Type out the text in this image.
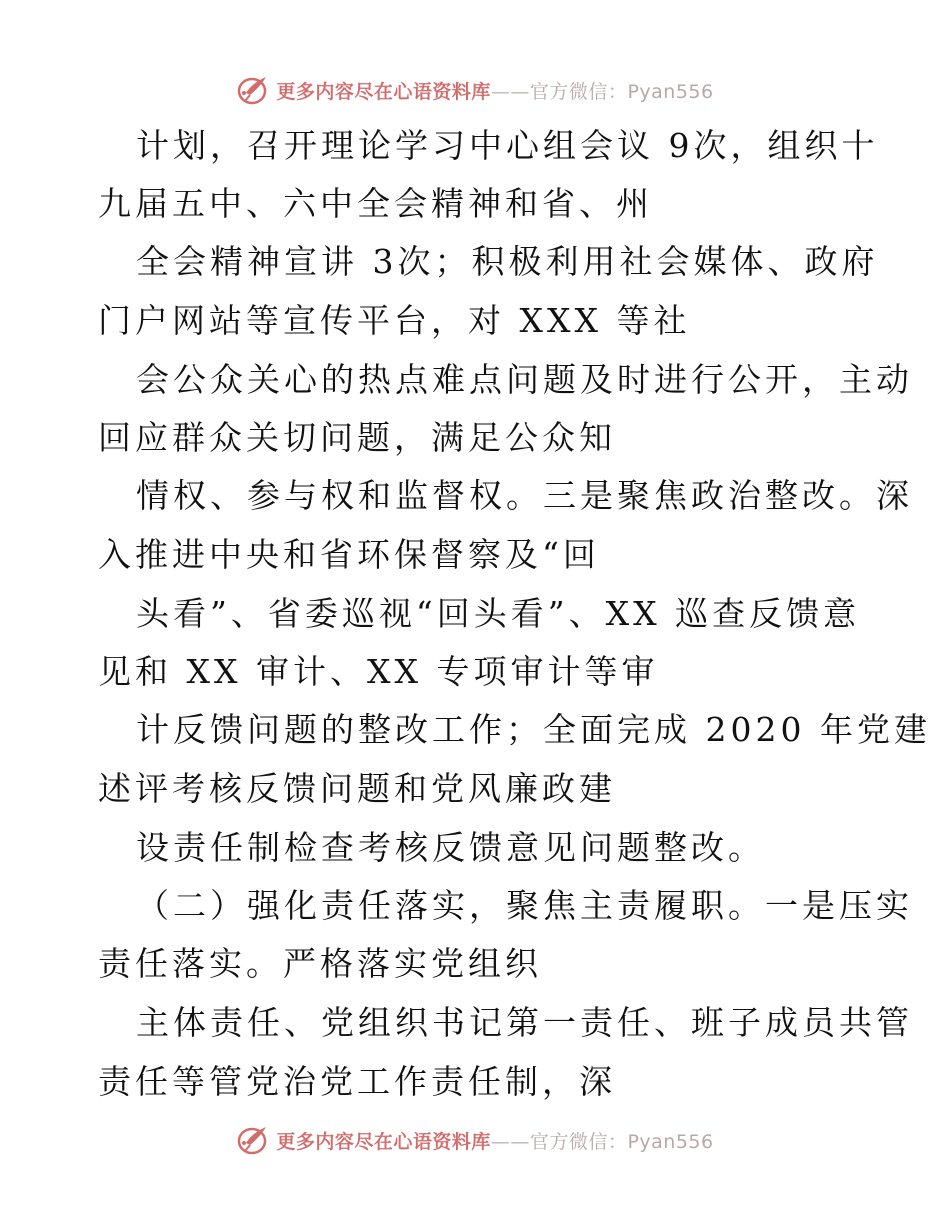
更多内容尽在心语资料库——官方微信：Pyan556
计划，召开理论学习中心组会议 9次，组织十
九届五中、六中全会精神和省、州
全会精神宣讲 3次；积极利用社会媒体、政府
门户网站等宣传平台，对 XXX 等社
会公众关心的热点难点问题及时进行公开，主动
回应群众关切问题，满足公众知
情权、参与权和监督权。三是聚焦政治整改。深
入推进中央和省环保督察及“回
头看”、省委巡视“回头看”、XX 巡查反馈意
见和 XX 审计、XX 专项审计等审
计反馈问题的整改工作；全面完成 2020 年党建
述评考核反馈问题和党风廉政建
设责任制检查考核反馈意见问题整改。
（二）强化责任落实，聚焦主责履职。一是压实
责任落实。严格落实党组织
主体责任、党组织书记第一责任、班子成员共管
责任等管党治党工作责任制，深
更多内容尽在心语资料库——官方微信：Pyan556
